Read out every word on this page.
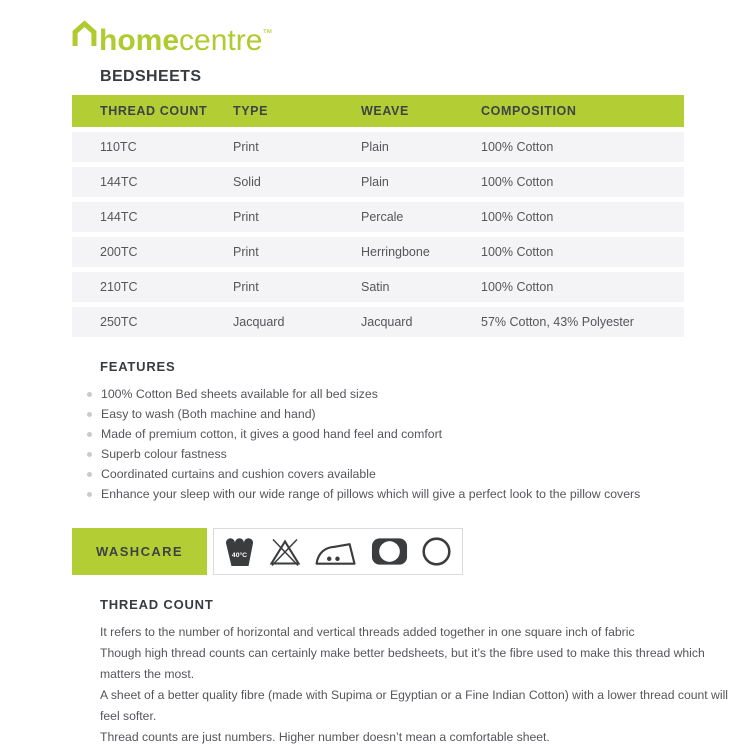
homecentre™
BEDSHEETS
THREAD COUNT	TYPE	WEAVE	COMPOSITION
110TC	Print	Plain	100% Cotton
144TC	Solid	Plain	100% Cotton
144TC	Print	Percale	100% Cotton
200TC	Print	Herringbone	100% Cotton
210TC	Print	Satin	100% Cotton
250TC	Jacquard	Jacquard	57% Cotton, 43% Polyester
FEATURES
100% Cotton Bed sheets available for all bed sizes
Easy to wash (Both machine and hand)
Made of premium cotton, it gives a good hand feel and comfort
Superb colour fastness
Coordinated curtains and cushion covers available
Enhance your sleep with our wide range of pillows which will give a perfect look to the pillow covers
WASHCARE	40°C
THREAD COUNT

It refers to the number of horizontal and vertical threads added together in one square inch of fabric

Though high thread counts can certainly make better bedsheets, but it’s the fibre used to make this thread which matters the most.

A sheet of a better quality fibre (made with Supima or Egyptian or a Fine Indian Cotton) with a lower thread count will feel softer.

Thread counts are just numbers. Higher number doesn’t mean a comfortable sheet.
